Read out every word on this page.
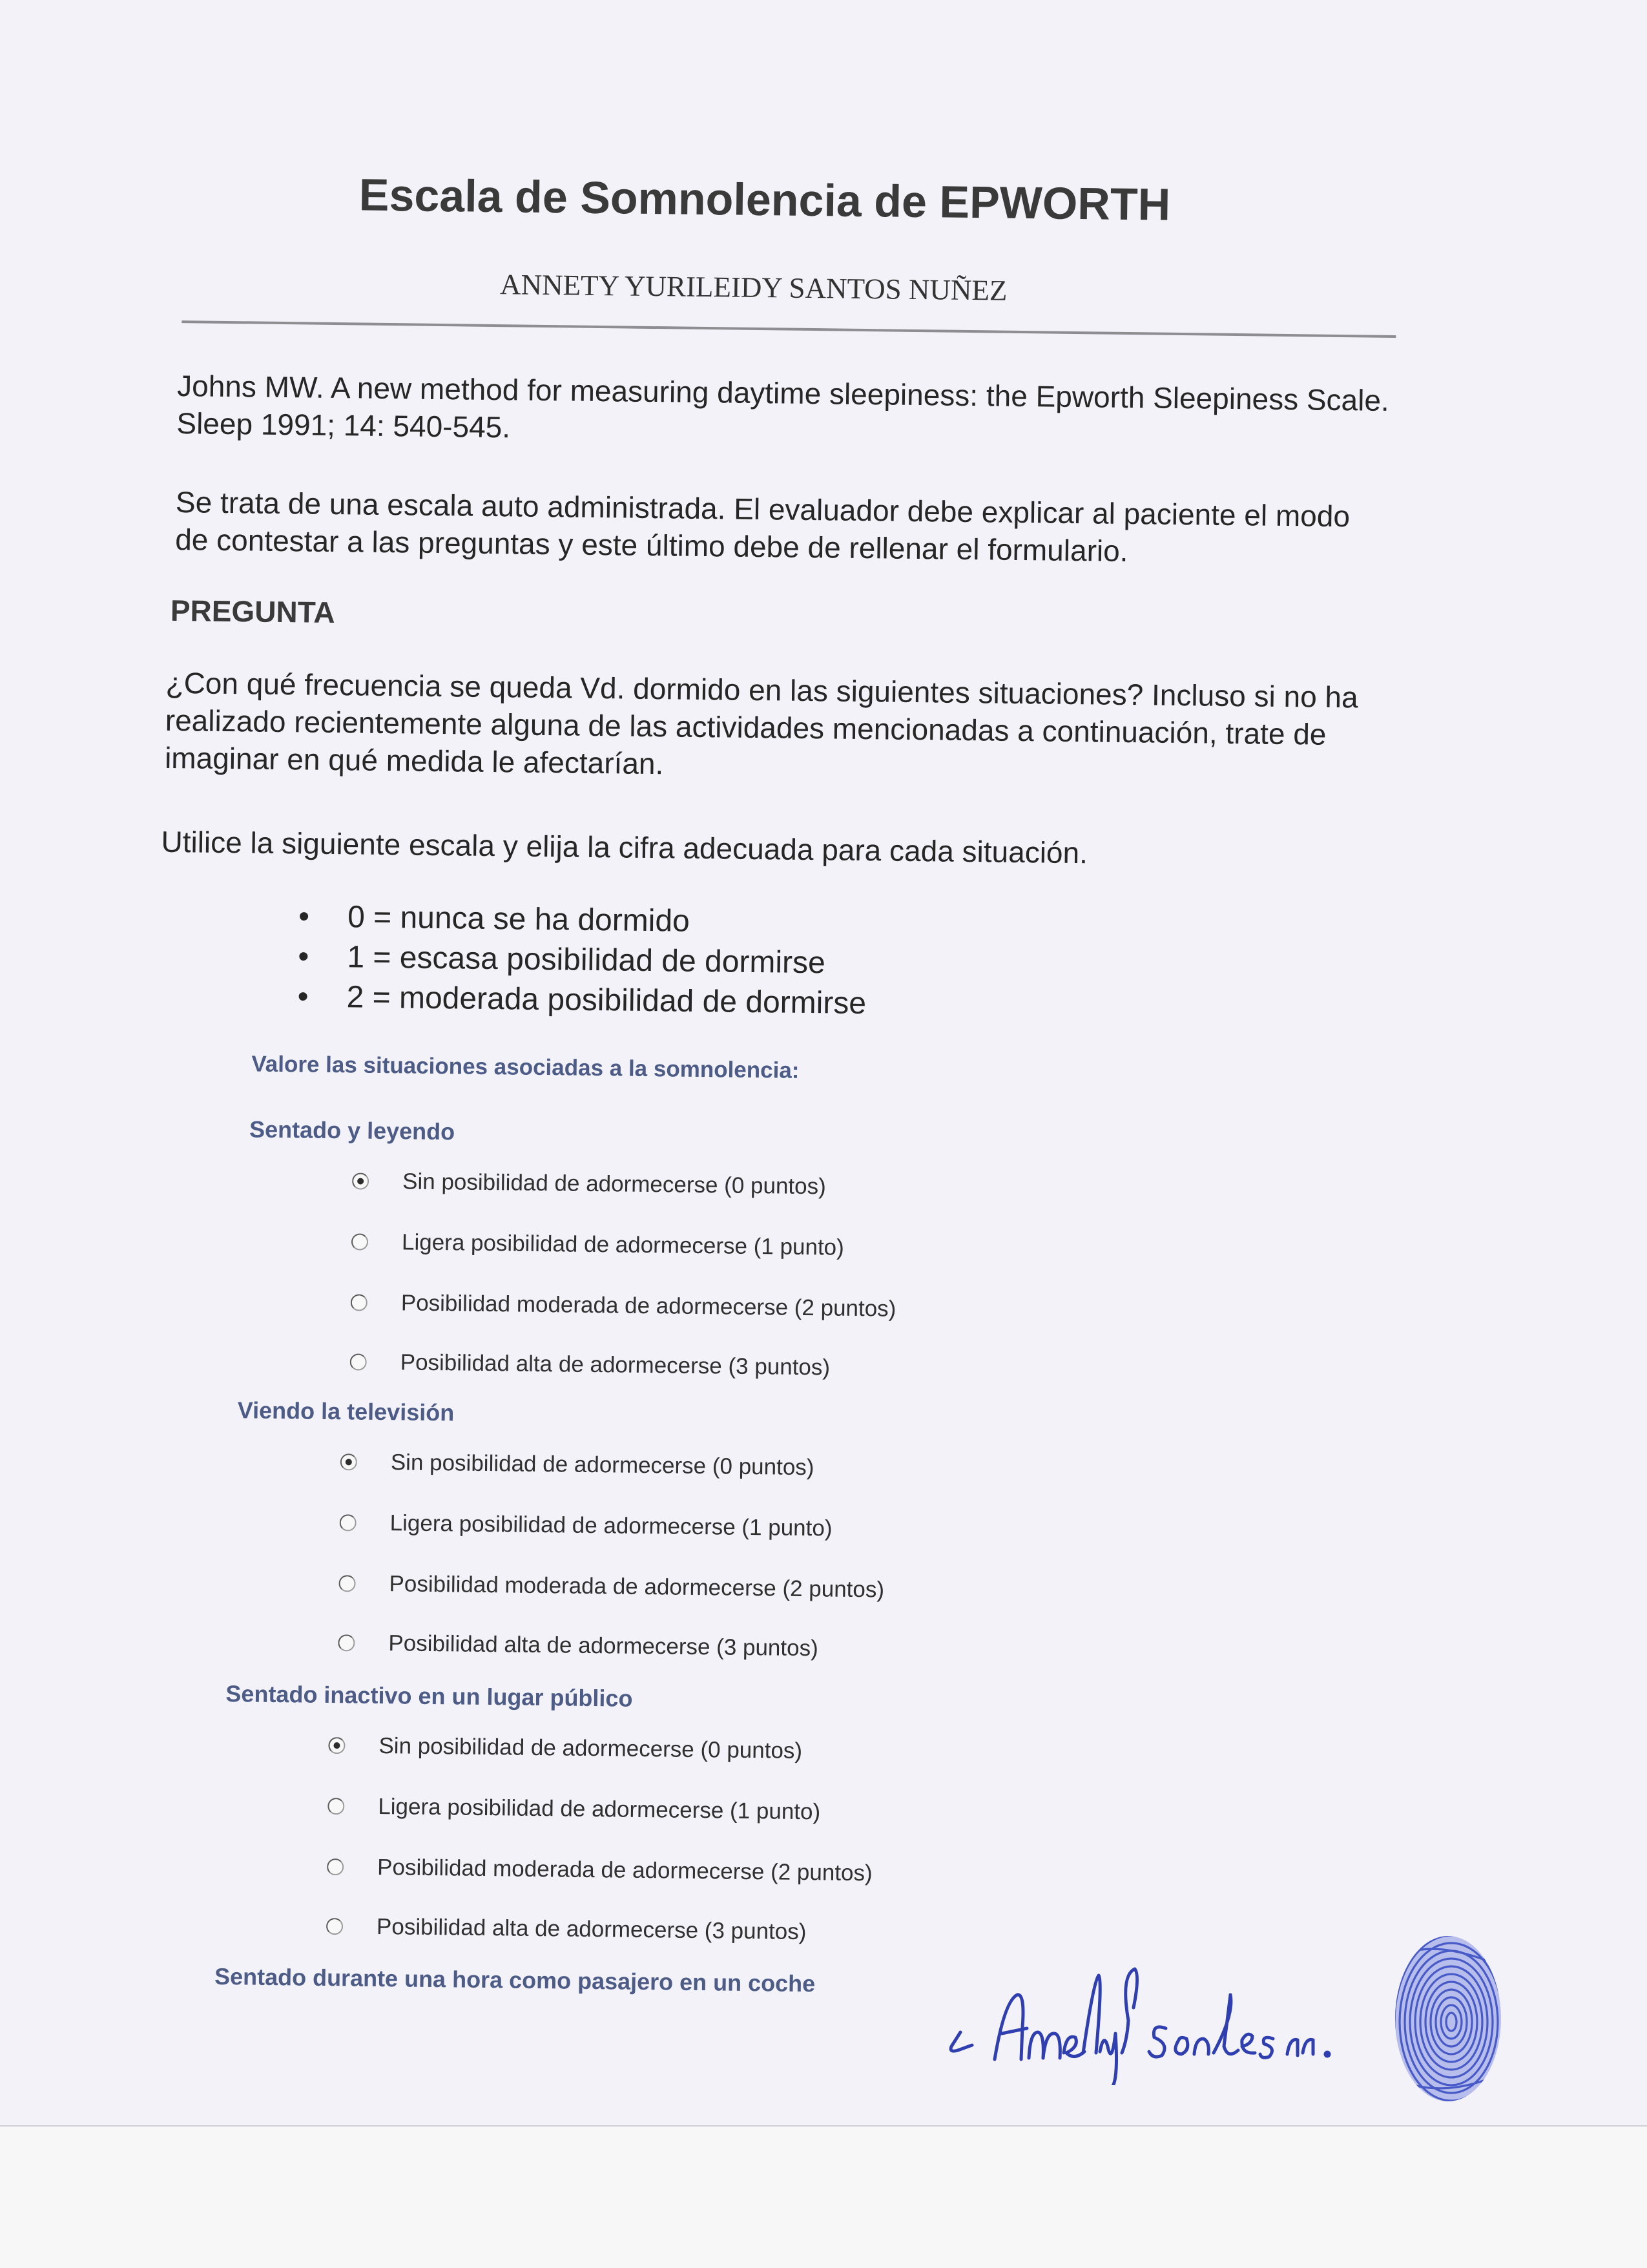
Escala de Somnolencia de EPWORTH
ANNETY YURILEIDY SANTOS NUÑEZ
Johns MW. A new method for measuring daytime sleepiness: the Epworth Sleepiness Scale. Sleep 1991; 14: 540-545.
Se trata de una escala auto administrada. El evaluador debe explicar al paciente el modo de contestar a las preguntas y este último debe de rellenar el formulario.
PREGUNTA
¿Con qué frecuencia se queda Vd. dormido en las siguientes situaciones? Incluso si no ha realizado recientemente alguna de las actividades mencionadas a continuación, trate de imaginar en qué medida le afectarían.
Utilice la siguiente escala y elija la cifra adecuada para cada situación.
• 0 = nunca se ha dormido
• 1 = escasa posibilidad de dormirse
• 2 = moderada posibilidad de dormirse
Valore las situaciones asociadas a la somnolencia:
Sentado y leyendo
Sin posibilidad de adormecerse (0 puntos)
Ligera posibilidad de adormecerse (1 punto)
Posibilidad moderada de adormecerse (2 puntos)
Posibilidad alta de adormecerse (3 puntos)
Viendo la televisión
Sin posibilidad de adormecerse (0 puntos)
Ligera posibilidad de adormecerse (1 punto)
Posibilidad moderada de adormecerse (2 puntos)
Posibilidad alta de adormecerse (3 puntos)
Sentado inactivo en un lugar público
Sin posibilidad de adormecerse (0 puntos)
Ligera posibilidad de adormecerse (1 punto)
Posibilidad moderada de adormecerse (2 puntos)
Posibilidad alta de adormecerse (3 puntos)
Sentado durante una hora como pasajero en un coche
